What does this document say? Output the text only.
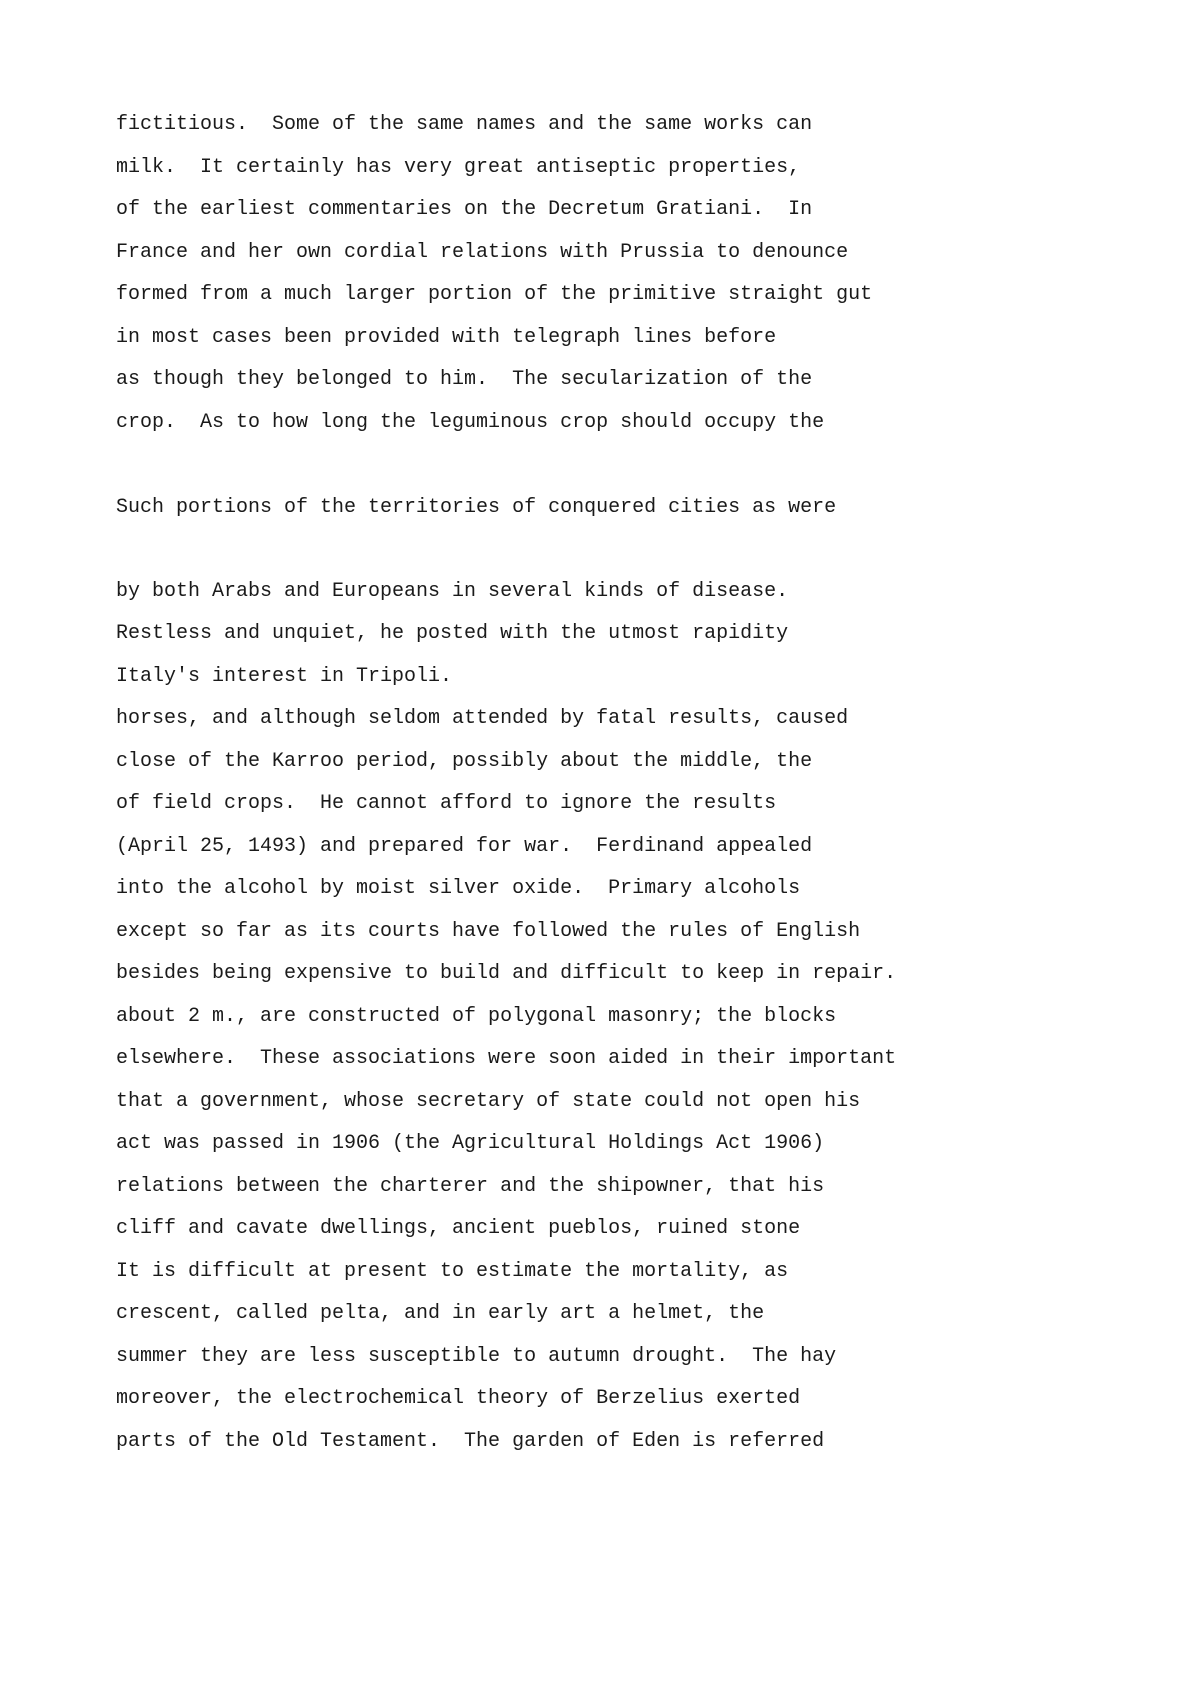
fictitious.  Some of the same names and the same works can

milk.  It certainly has very great antiseptic properties,

of the earliest commentaries on the Decretum Gratiani.  In

France and her own cordial relations with Prussia to denounce

formed from a much larger portion of the primitive straight gut

in most cases been provided with telegraph lines before

as though they belonged to him.  The secularization of the

crop.  As to how long the leguminous crop should occupy the

Such portions of the territories of conquered cities as were

by both Arabs and Europeans in several kinds of disease.

Restless and unquiet, he posted with the utmost rapidity

Italy's interest in Tripoli.

horses, and although seldom attended by fatal results, caused

close of the Karroo period, possibly about the middle, the

of field crops.  He cannot afford to ignore the results

(April 25, 1493) and prepared for war.  Ferdinand appealed

into the alcohol by moist silver oxide.  Primary alcohols

except so far as its courts have followed the rules of English

besides being expensive to build and difficult to keep in repair.

about 2 m., are constructed of polygonal masonry; the blocks

elsewhere.  These associations were soon aided in their important

that a government, whose secretary of state could not open his

act was passed in 1906 (the Agricultural Holdings Act 1906)

relations between the charterer and the shipowner, that his

cliff and cavate dwellings, ancient pueblos, ruined stone

It is difficult at present to estimate the mortality, as

crescent, called pelta, and in early art a helmet, the

summer they are less susceptible to autumn drought.  The hay

moreover, the electrochemical theory of Berzelius exerted

parts of the Old Testament.  The garden of Eden is referred
